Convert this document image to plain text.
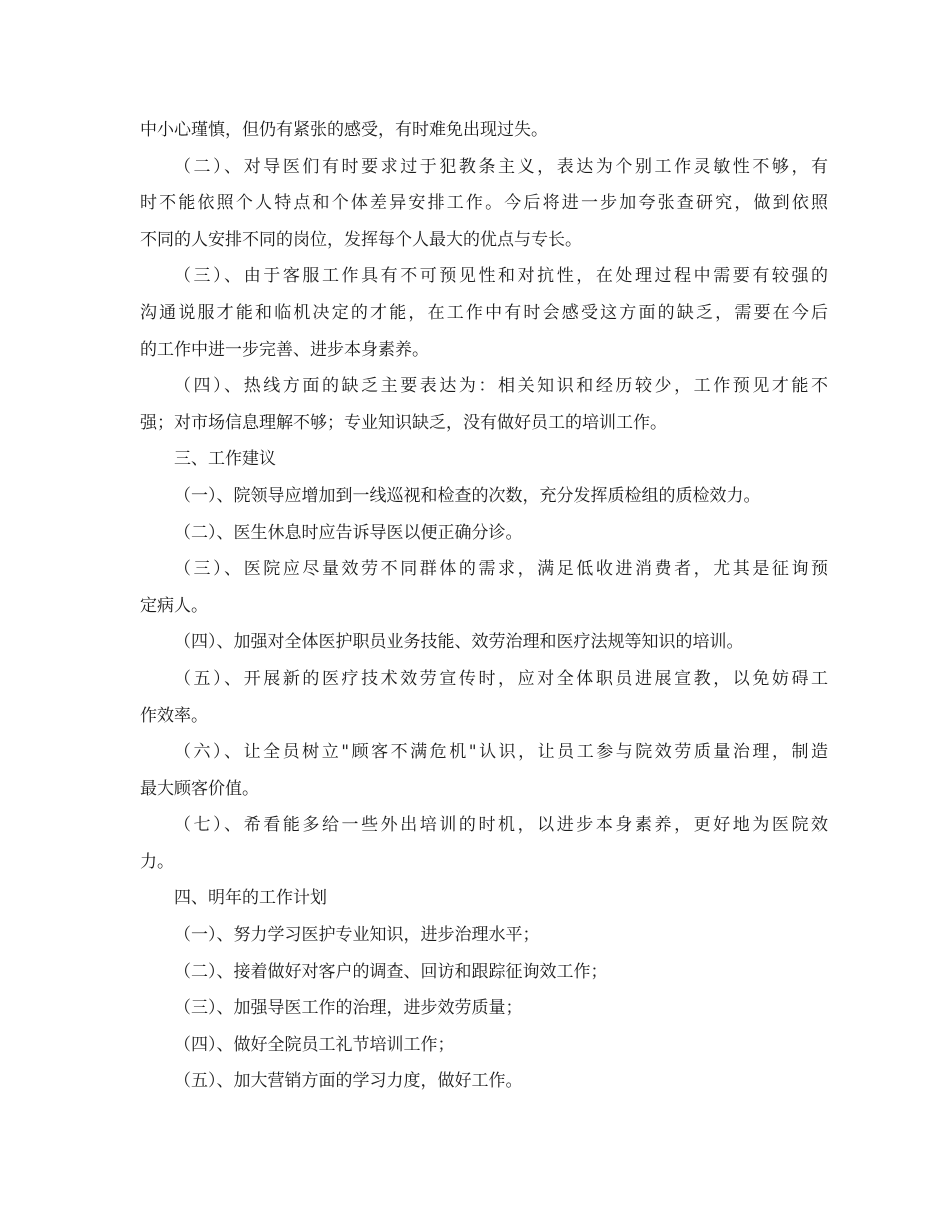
中小心瑾慎，但仍有紧张的感受，有时难免出现过失。
（二）、对导医们有时要求过于犯教条主义，表达为个别工作灵敏性不够，有
时不能依照个人特点和个体差异安排工作。今后将进一步加夸张查研究，做到依照
不同的人安排不同的岗位，发挥每个人最大的优点与专长。
（三）、由于客服工作具有不可预见性和对抗性，在处理过程中需要有较强的
沟通说服才能和临机决定的才能，在工作中有时会感受这方面的缺乏，需要在今后
的工作中进一步完善、进步本身素养。
（四）、热线方面的缺乏主要表达为：相关知识和经历较少，工作预见才能不
强；对市场信息理解不够；专业知识缺乏，没有做好员工的培训工作。
三、工作建议
（一）、院领导应增加到一线巡视和检查的次数，充分发挥质检组的质检效力。
（二）、医生休息时应告诉导医以便正确分诊。
（三）、医院应尽量效劳不同群体的需求，满足低收进消费者，尤其是征询预
定病人。
（四）、加强对全体医护职员业务技能、效劳治理和医疗法规等知识的培训。
（五）、开展新的医疗技术效劳宣传时，应对全体职员进展宣教，以免妨碍工
作效率。
（六）、让全员树立"顾客不满危机"认识，让员工参与院效劳质量治理，制造
最大顾客价值。
（七）、希看能多给一些外出培训的时机，以进步本身素养，更好地为医院效
力。
四、明年的工作计划
（一）、努力学习医护专业知识，进步治理水平；
（二）、接着做好对客户的调查、回访和跟踪征询效工作；
（三）、加强导医工作的治理，进步效劳质量；
（四）、做好全院员工礼节培训工作；
（五）、加大营销方面的学习力度，做好工作。
